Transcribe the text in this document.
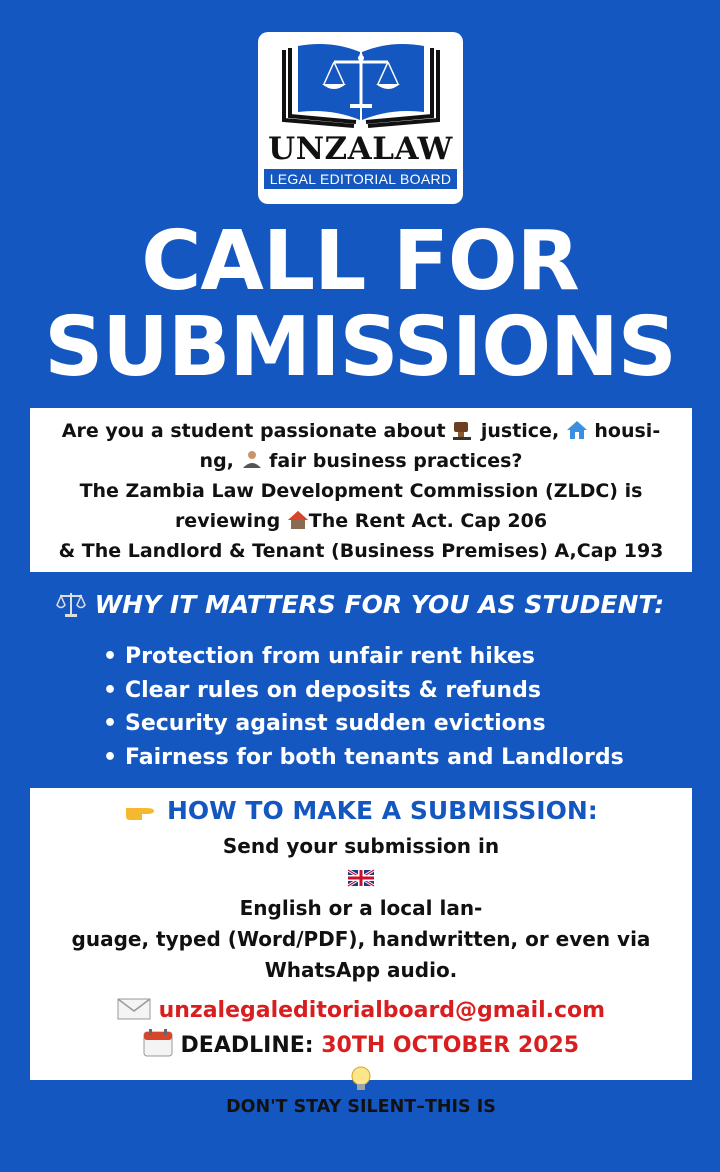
UNZALAW
LEGAL EDITORIAL BOARD
CALL FOR
SUBMISSIONS
Are you a student passionate about  justice,  housi-
ng,  fair business practices?
The Zambia Law Development Commission (ZLDC) is
reviewing The Rent Act. Cap 206
& The Landlord & Tenant (Business Premises) A,Cap 193
WHY IT MATTERS FOR YOU AS STUDENT:
• Protection from unfair rent hikes
• Clear rules on deposits & refunds
• Security against sudden evictions
• Fairness for both tenants and Landlords
HOW TO MAKE A SUBMISSION:
Send your submission in
English or a local lan-
guage, typed (Word/PDF), handwritten, or even via
WhatsApp audio.
unzalegaleditorialboard@gmail.com
DEADLINE: 30TH OCTOBER 2025
DON'T STAY SILENT–THIS IS
YOUR CHANCE TO INFLUENCE
THE LAWS THAT AFFECT YOUR EVERYDAY LIFE!
